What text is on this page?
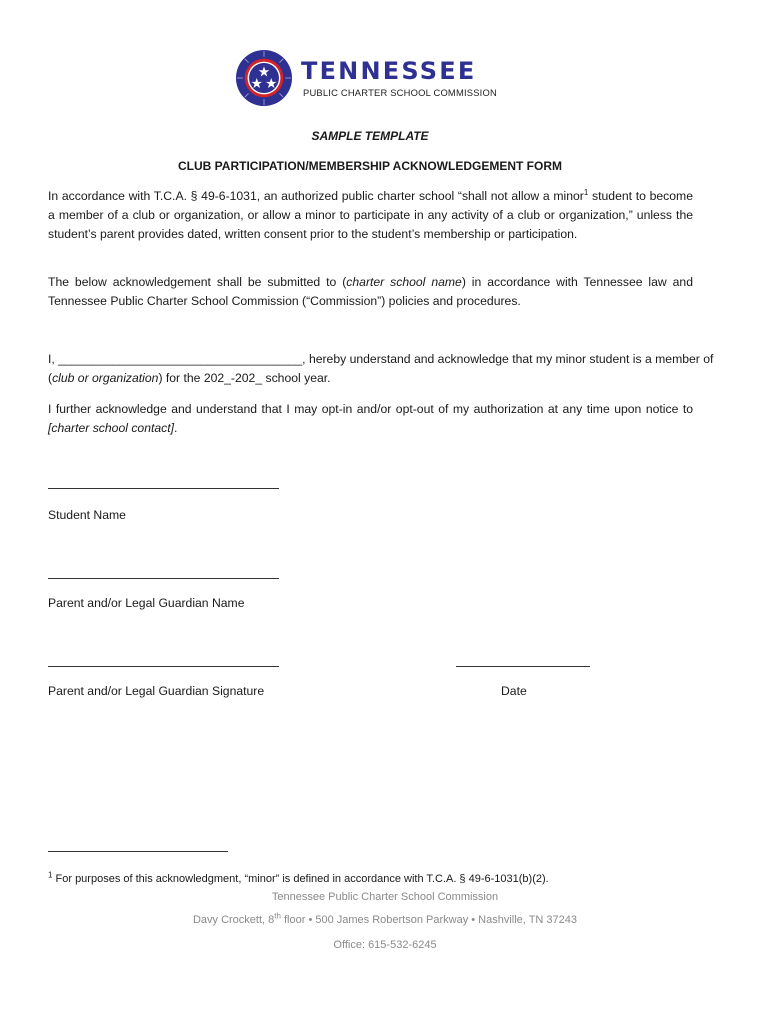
TENNESSEE
PUBLIC CHARTER SCHOOL COMMISSION
SAMPLE TEMPLATE
CLUB PARTICIPATION/MEMBERSHIP ACKNOWLEDGEMENT FORM
In accordance with T.C.A. § 49-6-1031, an authorized public charter school “shall not allow a minor$^1$ student to become a member of a club or organization, or allow a minor to participate in any activity of a club or organization,” unless the student’s parent provides dated, written consent prior to the student’s membership or participation.
The below acknowledgement shall be submitted to (charter school name) in accordance with Tennessee law and Tennessee Public Charter School Commission (“Commission”) policies and procedures.
I, ____________________________________, hereby understand and acknowledge that my minor student is a member of
(club or organization) for the 202_-202_ school year.
I further acknowledge and understand that I may opt-in and/or opt-out of my authorization at any time upon notice to [charter school contact].
Student Name
Parent and/or Legal Guardian Name
Parent and/or Legal Guardian Signature	Date
$^1$ For purposes of this acknowledgment, “minor” is defined in accordance with T.C.A. § 49-6-1031(b)(2).
Tennessee Public Charter School Commission
Davy Crockett, 8th floor • 500 James Robertson Parkway • Nashville, TN 37243
Office: 615-532-6245
